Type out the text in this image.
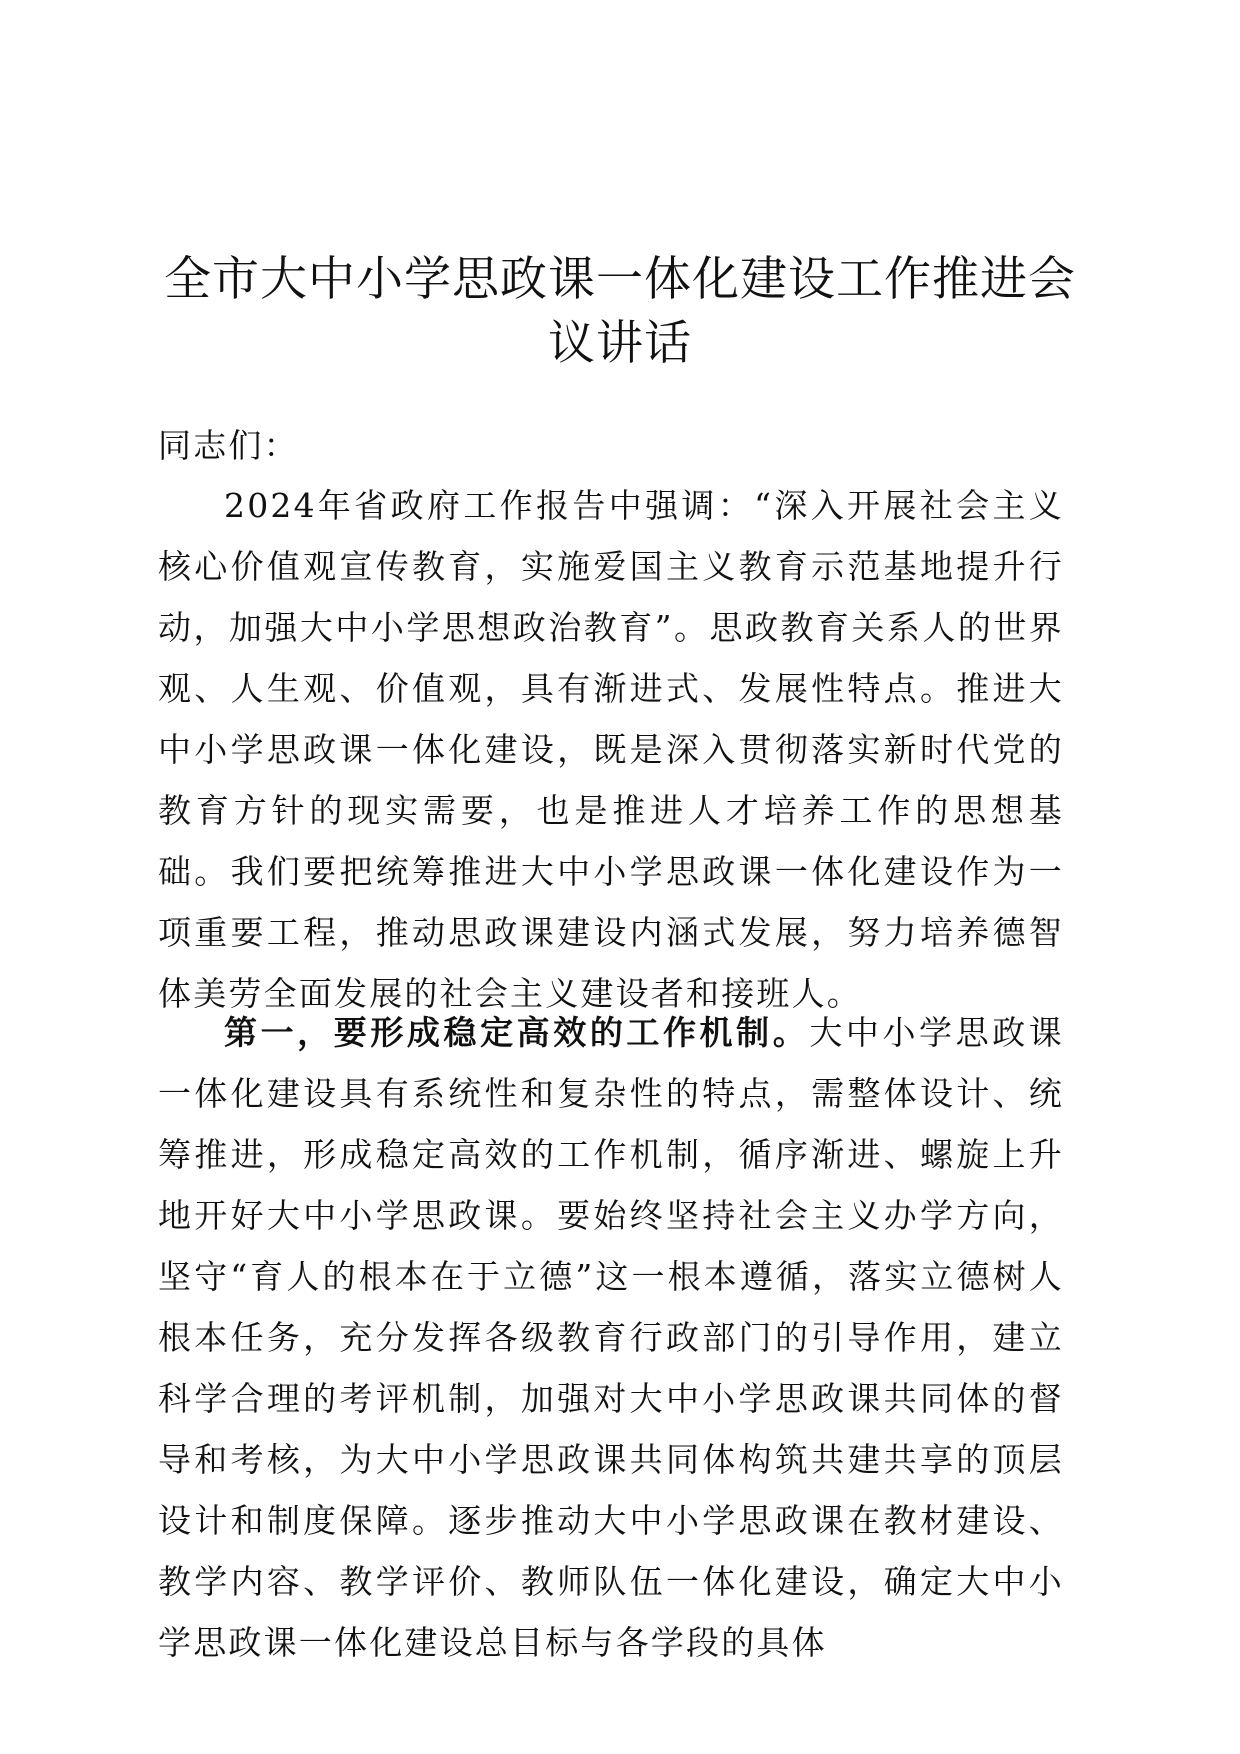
全市大中小学思政课一体化建设工作推进会议讲话

同志们：

2024年省政府工作报告中强调：“深入开展社会主义核心价值观宣传教育，实施爱国主义教育示范基地提升行动，加强大中小学思想政治教育”。思政教育关系人的世界观、人生观、价值观，具有渐进式、发展性特点。推进大中小学思政课一体化建设，既是深入贯彻落实新时代党的教育方针的现实需要，也是推进人才培养工作的思想基础。我们要把统筹推进大中小学思政课一体化建设作为一项重要工程，推动思政课建设内涵式发展，努力培养德智体美劳全面发展的社会主义建设者和接班人。

第一，要形成稳定高效的工作机制。大中小学思政课一体化建设具有系统性和复杂性的特点，需整体设计、统筹推进，形成稳定高效的工作机制，循序渐进、螺旋上升地开好大中小学思政课。要始终坚持社会主义办学方向，坚守“育人的根本在于立德”这一根本遵循，落实立德树人根本任务，充分发挥各级教育行政部门的引导作用，建立科学合理的考评机制，加强对大中小学思政课共同体的督导和考核，为大中小学思政课共同体构筑共建共享的顶层设计和制度保障。逐步推动大中小学思政课在教材建设、教学内容、教学评价、教师队伍一体化建设，确定大中小学思政课一体化建设总目标与各学段的具体
